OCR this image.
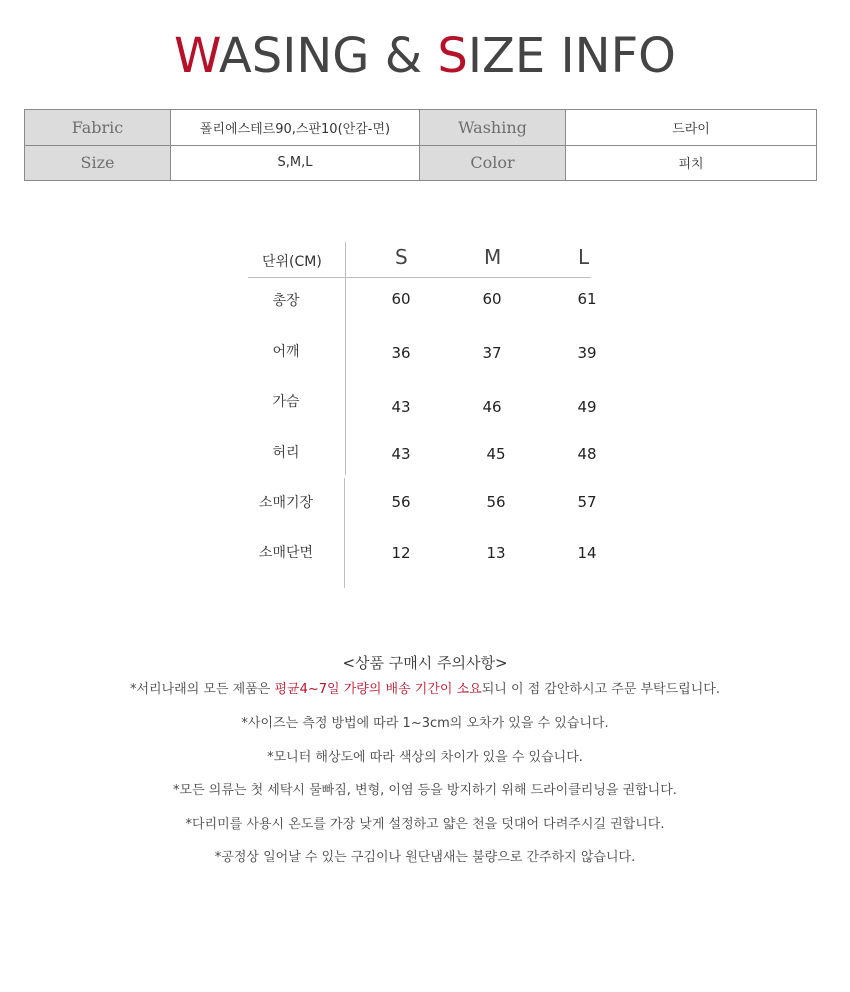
WASING & SIZE INFO
Fabric	폴리에스테르90,스판10(안감-면)	Washing	드라이
Size	S,M,L	Color	피치
단위(CM)	S	M	L
총장	60	60	61
어깨	36	37	39
가슴	43	46	49
허리	43	45	48
소매기장	56	56	57
소매단면	12	13	14
<상품 구매시 주의사항>
*서리나래의 모든 제품은 평균4~7일 가량의 배송 기간이 소요되니 이 점 감안하시고 주문 부탁드립니다.
*사이즈는 측정 방법에 따라 1~3cm의 오차가 있을 수 있습니다.
*모니터 해상도에 따라 색상의 차이가 있을 수 있습니다.
*모든 의류는 첫 세탁시 물빠짐, 변형, 이염 등을 방지하기 위해 드라이클리닝을 권합니다.
*다리미를 사용시 온도를 가장 낮게 설정하고 얇은 천을 덧대어 다려주시길 권합니다.
*공정상 일어날 수 있는 구김이나 원단냄새는 불량으로 간주하지 않습니다.
